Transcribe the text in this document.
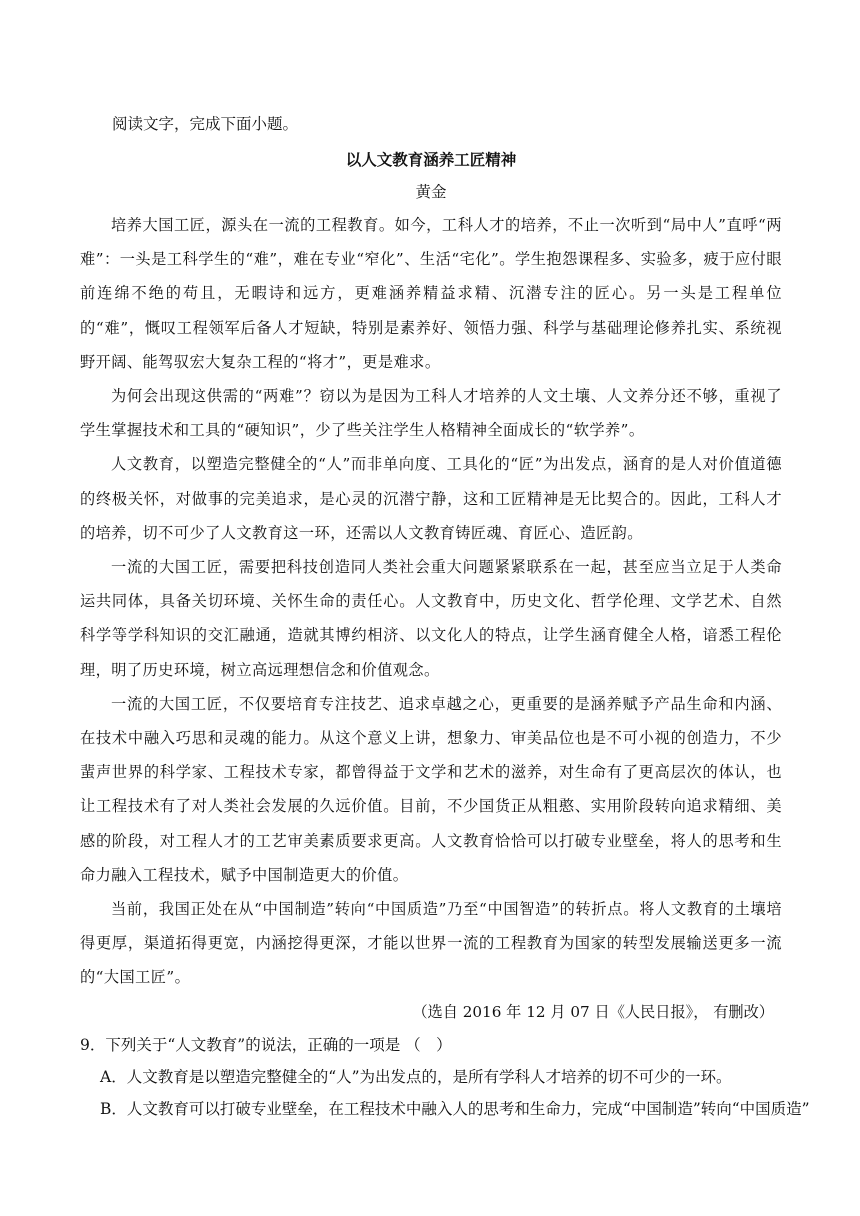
阅读文字，完成下面小题。

以人文教育涵养工匠精神

黄金

培养大国工匠，源头在一流的工程教育。如今，工科人才的培养，不止一次听到“局中人”直呼“两难”：一头是工科学生的“难”，难在专业“窄化”、生活“宅化”。学生抱怨课程多、实验多，疲于应付眼前连绵不绝的苟且，无暇诗和远方，更难涵养精益求精、沉潜专注的匠心。另一头是工程单位的“难”，慨叹工程领军后备人才短缺，特别是素养好、领悟力强、科学与基础理论修养扎实、系统视野开阔、能驾驭宏大复杂工程的“将才”，更是难求。

为何会出现这供需的“两难”？窃以为是因为工科人才培养的人文土壤、人文养分还不够，重视了学生掌握技术和工具的“硬知识”，少了些关注学生人格精神全面成长的“软学养”。

人文教育，以塑造完整健全的“人”而非单向度、工具化的“匠”为出发点，涵育的是人对价值道德的终极关怀，对做事的完美追求，是心灵的沉潜宁静，这和工匠精神是无比契合的。因此，工科人才的培养，切不可少了人文教育这一环，还需以人文教育铸匠魂、育匠心、造匠韵。

一流的大国工匠，需要把科技创造同人类社会重大问题紧紧联系在一起，甚至应当立足于人类命运共同体，具备关切环境、关怀生命的责任心。人文教育中，历史文化、哲学伦理、文学艺术、自然科学等学科知识的交汇融通，造就其博约相济、以文化人的特点，让学生涵育健全人格，谙悉工程伦理，明了历史环境，树立高远理想信念和价值观念。

一流的大国工匠，不仅要培育专注技艺、追求卓越之心，更重要的是涵养赋予产品生命和内涵、在技术中融入巧思和灵魂的能力。从这个意义上讲，想象力、审美品位也是不可小视的创造力，不少蜚声世界的科学家、工程技术专家，都曾得益于文学和艺术的滋养，对生命有了更高层次的体认，也让工程技术有了对人类社会发展的久远价值。目前，不少国货正从粗憨、实用阶段转向追求精细、美感的阶段，对工程人才的工艺审美素质要求更高。人文教育恰恰可以打破专业壁垒，将人的思考和生命力融入工程技术，赋予中国制造更大的价值。

当前，我国正处在从“中国制造”转向“中国质造”乃至“中国智造”的转折点。将人文教育的土壤培得更厚，渠道拓得更宽，内涵挖得更深，才能以世界一流的工程教育为国家的转型发展输送更多一流的“大国工匠”。

（选自 2016 年 12 月 07 日《人民日报》， 有删改）

9．下列关于“人文教育”的说法，正确的一项是 （　）

A．人文教育是以塑造完整健全的“人”为出发点的，是所有学科人才培养的切不可少的一环。

B．人文教育可以打破专业壁垒，在工程技术中融入人的思考和生命力，完成“中国制造”转向“中国质造”
